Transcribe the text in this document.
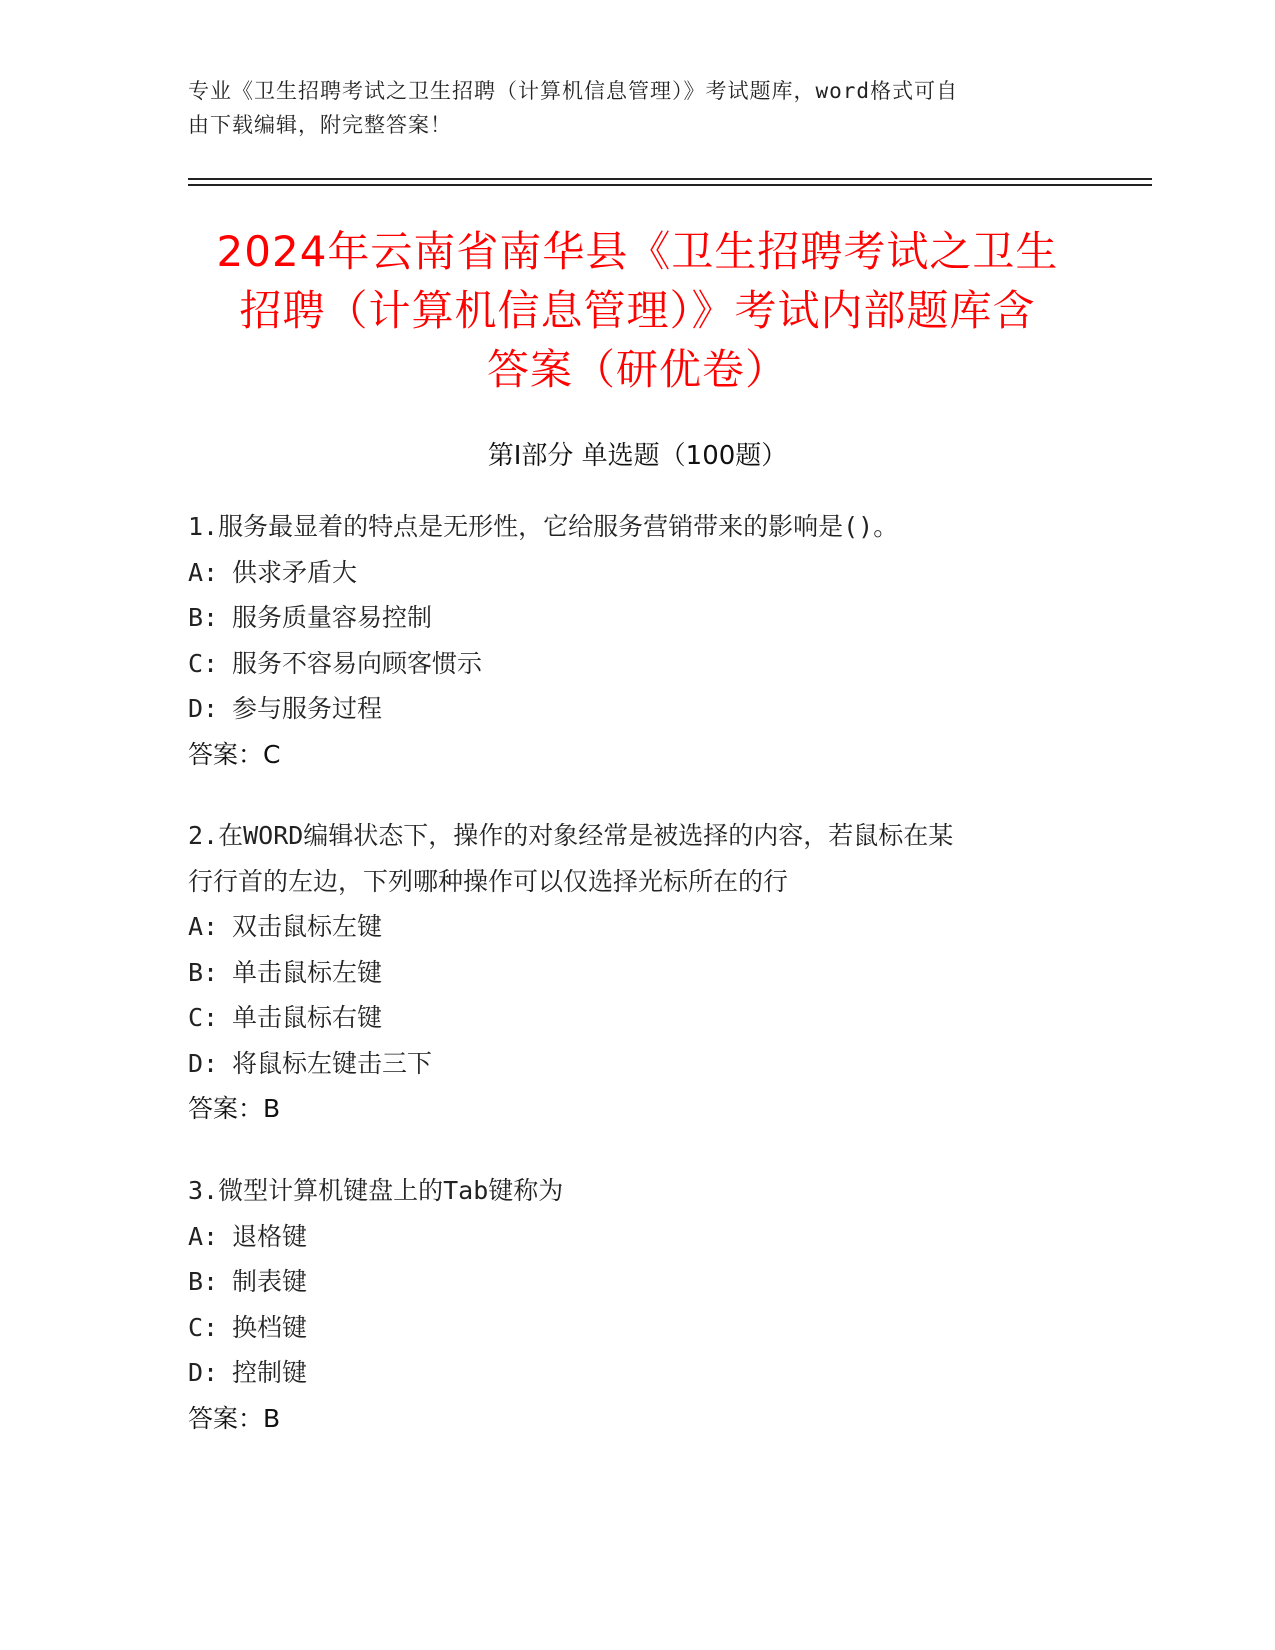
专业《卫生招聘考试之卫生招聘（计算机信息管理）》考试题库，word格式可自
由下载编辑，附完整答案！
2024年云南省南华县《卫生招聘考试之卫生
招聘（计算机信息管理）》考试内部题库含
答案（研优卷）
第Ⅰ部分 单选题（100题）
1.服务最显着的特点是无形性，它给服务营销带来的影响是()。
A: 供求矛盾大
B: 服务质量容易控制
C: 服务不容易向顾客惯示
D: 参与服务过程
答案：C
2.在WORD编辑状态下，操作的对象经常是被选择的内容，若鼠标在某
行行首的左边，下列哪种操作可以仅选择光标所在的行
A: 双击鼠标左键
B: 单击鼠标左键
C: 单击鼠标右键
D: 将鼠标左键击三下
答案：B
3.微型计算机键盘上的Tab键称为
A: 退格键
B: 制表键
C: 换档键
D: 控制键
答案：B
